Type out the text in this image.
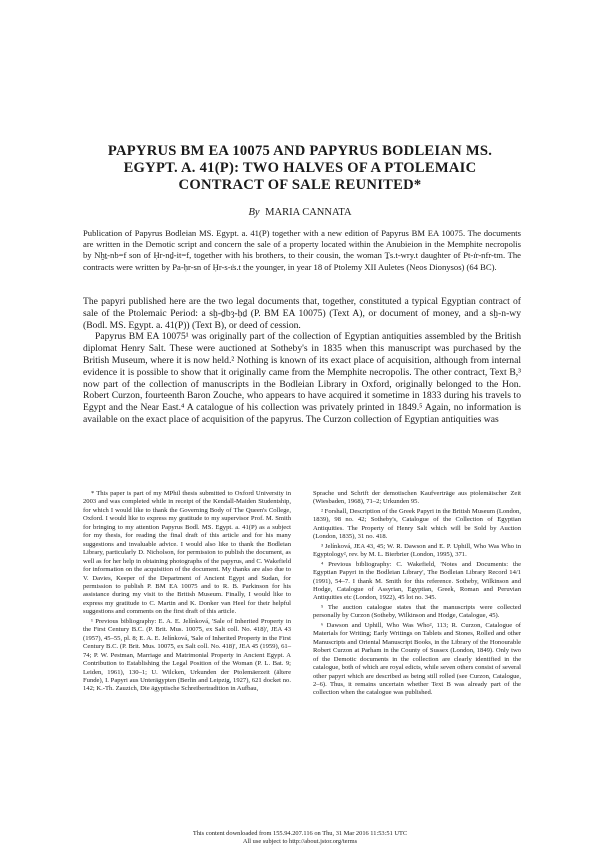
PAPYRUS BM EA 10075 AND PAPYRUS BODLEIAN MS.
EGYPT. A. 41(P): TWO HALVES OF A PTOLEMAIC
CONTRACT OF SALE REUNITED*

By MARIA CANNATA

Publication of Papyrus Bodleian MS. Egypt. a. 41(P) together with a new edition of Papyrus BM EA 10075. The documents are written in the Demotic script and concern the sale of a property located within the Anubieion in the Memphite necropolis by Nḫṯ-nb=f son of Ḥr-nḏ-it=f, together with his brothers, to their cousin, the woman Ṯs.t-wry.t daughter of Pt-ı͗r-nfr-tm. The contracts were written by Pa-ḥr-sn of Ḥr-s-ı͗s.t the younger, in year 18 of Ptolemy XII Auletes (Neos Dionysos) (64 BC).

The papyri published here are the two legal documents that, together, constituted a typical Egyptian contract of sale of the Ptolemaic Period: a sḫ-ḏbȝ-ḥḏ (P. BM EA 10075) (Text A), or document of money, and a sḫ-n-wy (Bodl. MS. Egypt. a. 41(P)) (Text B), or deed of cession.

Papyrus BM EA 10075¹ was originally part of the collection of Egyptian antiquities assembled by the British diplomat Henry Salt. These were auctioned at Sotheby's in 1835 when this manuscript was purchased by the British Museum, where it is now held.² Nothing is known of its exact place of acquisition, although from internal evidence it is possible to show that it originally came from the Memphite necropolis. The other contract, Text B,³ now part of the collection of manuscripts in the Bodleian Library in Oxford, originally belonged to the Hon. Robert Curzon, fourteenth Baron Zouche, who appears to have acquired it sometime in 1833 during his travels to Egypt and the Near East.⁴ A catalogue of his collection was privately printed in 1849.⁵ Again, no information is available on the exact place of acquisition of the papyrus. The Curzon collection of Egyptian antiquities was

* This paper is part of my MPhil thesis submitted to Oxford University in 2003 and was completed while in receipt of the Kendall-Maiden Studentship, for which I would like to thank the Governing Body of The Queen's College, Oxford. I would like to express my gratitude to my supervisor Prof. M. Smith for bringing to my attention Papyrus Bodl. MS. Egypt. a. 41(P) as a subject for my thesis, for reading the final draft of this article and for his many suggestions and invaluable advice. I would also like to thank the Bodleian Library, particularly D. Nicholson, for permission to publish the document, as well as for her help in obtaining photographs of the papyrus, and C. Wakefield for information on the acquisition of the document. My thanks are also due to V. Davies, Keeper of the Department of Ancient Egypt and Sudan, for permission to publish P. BM EA 10075 and to R. B. Parkinson for his assistance during my visit to the British Museum. Finally, I would like to express my gratitude to C. Martin and K. Donker van Heel for their helpful suggestions and comments on the first draft of this article.

¹ Previous bibliography: E. A. E. Jelínková, 'Sale of Inherited Property in the First Century B.C. (P. Brit. Mus. 10075, ex Salt coll. No. 418)', JEA 43 (1957), 45–55, pl. 8; E. A. E. Jelínková, 'Sale of Inherited Property in the First Century B.C. (P. Brit. Mus. 10075, ex Salt coll. No. 418)', JEA 45 (1959), 61–74; P. W. Pestman, Marriage and Matrimonial Property in Ancient Egypt. A Contribution to Establishing the Legal Position of the Woman (P. L. Bat. 9; Leiden, 1961), 130–1; U. Wilcken, Urkunden der Ptolemäerzeit (ältere Funde), I. Papyri aus Unterägypten (Berlin and Leipzig, 1927), 621 docket no. 142; K.-Th. Zauzich, Die ägyptische Schreibertradition in Aufbau,

Sprache und Schrift der demotischen Kaufverträge aus ptolemäischer Zeit (Wiesbaden, 1968), 71–2; Urkunden 95.

² Forshall, Description of the Greek Papyri in the British Museum (London, 1839), 98 no. 42; Sotheby's, Catalogue of the Collection of Egyptian Antiquities. The Property of Henry Salt which will be Sold by Auction (London, 1835), 31 no. 418.

³ Jelínková, JEA 43, 45; W. R. Dawson and E. P. Uphill, Who Was Who in Egyptology², rev. by M. L. Bierbrier (London, 1995), 371.

⁴ Previous bibliography: C. Wakefield, 'Notes and Documents: the Egyptian Papyri in the Bodleian Library', The Bodleian Library Record 14/1 (1991), 54–7. I thank M. Smith for this reference. Sotheby, Wilkinson and Hodge, Catalogue of Assyrian, Egyptian, Greek, Roman and Peruvian Antiquities etc (London, 1922), 45 lot no. 345.

⁵ The auction catalogue states that the manuscripts were collected personally by Curzon (Sotheby, Wilkinson and Hodge, Catalogue, 45).

⁶ Dawson and Uphill, Who Was Who², 113; R. Curzon, Catalogue of Materials for Writing; Early Writings on Tablets and Stones, Rolled and other Manuscripts and Oriental Manuscript Books, in the Library of the Honourable Robert Curzon at Parham in the County of Sussex (London, 1849). Only two of the Demotic documents in the collection are clearly identified in the catalogue, both of which are royal edicts, while seven others consist of several other papyri which are described as being still rolled (see Curzon, Catalogue, 2–6). Thus, it remains uncertain whether Text B was already part of the collection when the catalogue was published.

This content downloaded from 155.94.207.116 on Thu, 31 Mar 2016 11:53:51 UTC
All use subject to http://about.jstor.org/terms
